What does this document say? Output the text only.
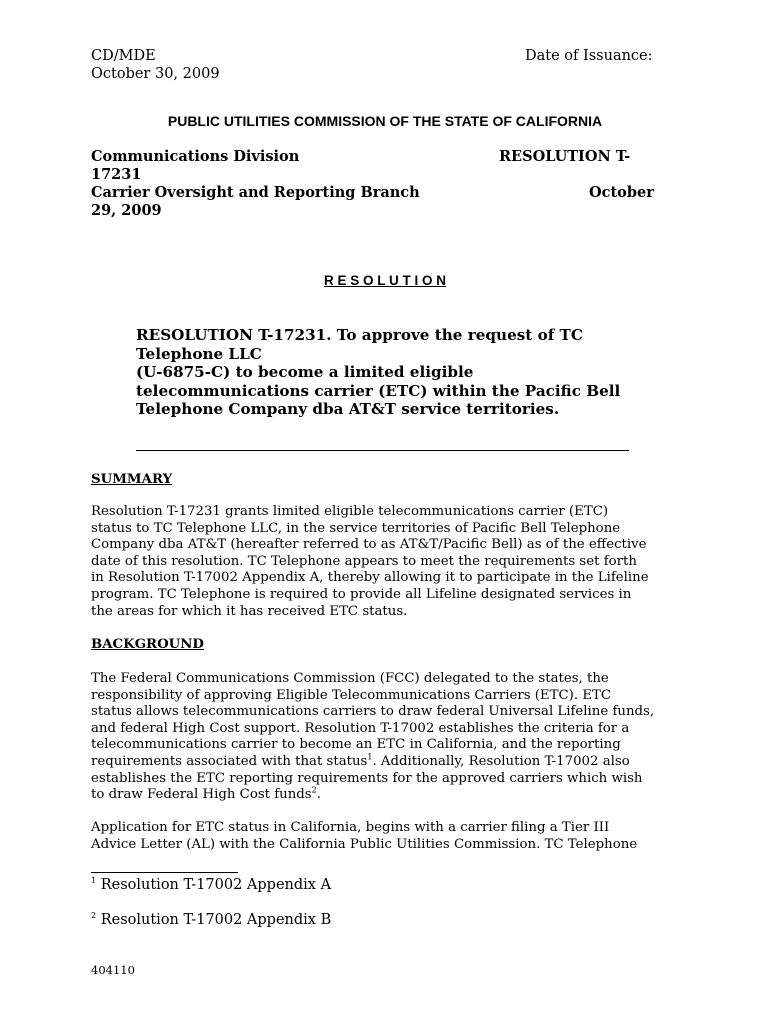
CD/MDE
October 30, 2009
Date of Issuance:
PUBLIC UTILITIES COMMISSION OF THE STATE OF CALIFORNIA
Communications Division	RESOLUTION T-
17231
Carrier Oversight and Reporting Branch	October
29, 2009
R E S O L U T I O N
RESOLUTION T-17231. To approve the request of TC
Telephone LLC
(U-6875-C) to become a limited eligible
telecommunications carrier (ETC) within the Pacific Bell
Telephone Company dba AT&T service territories.
SUMMARY
Resolution T-17231 grants limited eligible telecommunications carrier (ETC)
status to TC Telephone LLC, in the service territories of Pacific Bell Telephone
Company dba AT&T (hereafter referred to as AT&T/Pacific Bell) as of the effective
date of this resolution. TC Telephone appears to meet the requirements set forth
in Resolution T-17002 Appendix A, thereby allowing it to participate in the Lifeline
program. TC Telephone is required to provide all Lifeline designated services in
the areas for which it has received ETC status.
BACKGROUND
The Federal Communications Commission (FCC) delegated to the states, the
responsibility of approving Eligible Telecommunications Carriers (ETC). ETC
status allows telecommunications carriers to draw federal Universal Lifeline funds,
and federal High Cost support. Resolution T-17002 establishes the criteria for a
telecommunications carrier to become an ETC in California, and the reporting
requirements associated with that status$^1$. Additionally, Resolution T-17002 also
establishes the ETC reporting requirements for the approved carriers which wish
to draw Federal High Cost funds$^2$.
Application for ETC status in California, begins with a carrier filing a Tier III
Advice Letter (AL) with the California Public Utilities Commission. TC Telephone
$^1$ Resolution T-17002 Appendix A
$^2$ Resolution T-17002 Appendix B
404110
